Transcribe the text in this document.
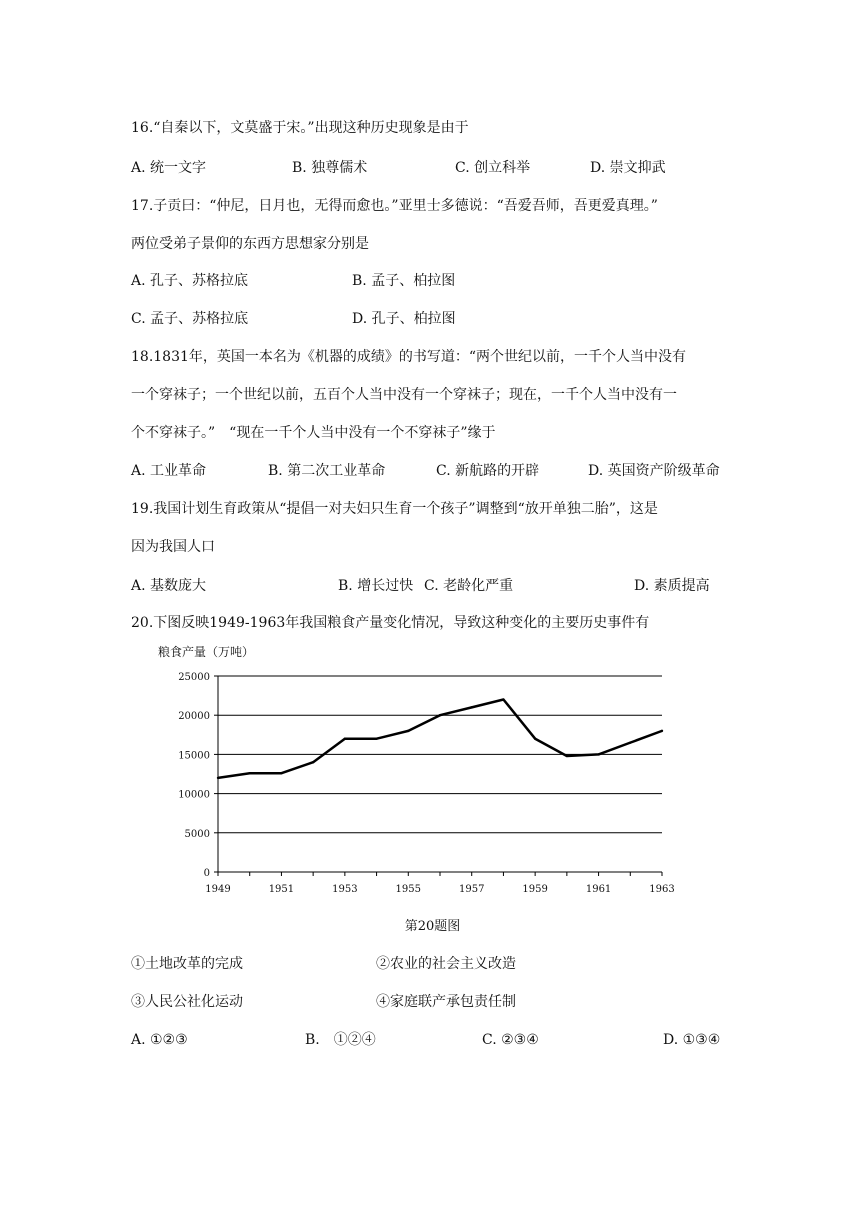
16.“自秦以下，文莫盛于宋。”出现这种历史现象是由于
A. 统一文字	B. 独尊儒术	C. 创立科举	D. 崇文抑武
17.子贡曰：“仲尼，日月也，无得而愈也。”亚里士多德说：“吾爱吾师，吾更爱真理。”
两位受弟子景仰的东西方思想家分别是
A. 孔子、苏格拉底	B. 孟子、柏拉图
C. 孟子、苏格拉底	D. 孔子、柏拉图
18.1831年，英国一本名为《机器的成绩》的书写道：“两个世纪以前，一千个人当中没有
一个穿袜子；一个世纪以前，五百个人当中没有一个穿袜子；现在，一千个人当中没有一
个不穿袜子。”　“现在一千个人当中没有一个不穿袜子”缘于
A. 工业革命	B. 第二次工业革命	C. 新航路的开辟	D. 英国资产阶级革命
19.我国计划生育政策从“提倡一对夫妇只生育一个孩子”调整到“放开单独二胎”，这是
因为我国人口
A. 基数庞大	B. 增长过快 C. 老龄化严重	D. 素质提高
20.下图反映1949-1963年我国粮食产量变化情况，导致这种变化的主要历史事件有
粮食产量（万吨）
0
5000
10000
15000
20000
25000
1949	1951	1953	1955	1957	1959	1961	1963
第20题图
①土地改革的完成	②农业的社会主义改造
③人民公社化运动	④家庭联产承包责任制
A. ①②③	B.　①②④	C. ②③④	D. ①③④
